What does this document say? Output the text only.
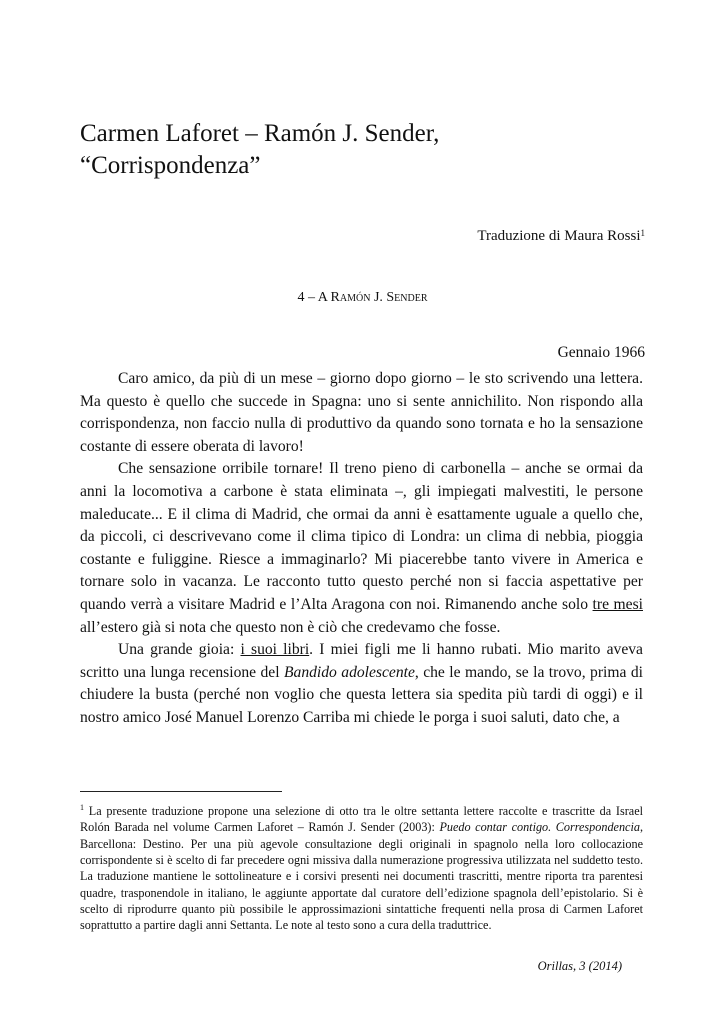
Carmen Laforet – Ramón J. Sender,
“Corrispondenza”
Traduzione di Maura Rossi$^1$
4 – A Ramón J. Sender
Gennaio 1966

Caro amico, da più di un mese – giorno dopo giorno – le sto scrivendo una lettera. Ma questo è quello che succede in Spagna: uno si sente annichilito. Non rispondo alla corrispondenza, non faccio nulla di produttivo da quando sono tornata e ho la sensazione costante di essere oberata di lavoro!

Che sensazione orribile tornare! Il treno pieno di carbonella – anche se ormai da anni la locomotiva a carbone è stata eliminata –, gli impiegati malvestiti, le persone maleducate... E il clima di Madrid, che ormai da anni è esattamente uguale a quello che, da piccoli, ci descrivevano come il clima tipico di Londra: un clima di nebbia, pioggia costante e fuliggine. Riesce a immaginarlo? Mi piacerebbe tanto vivere in America e tornare solo in vacanza. Le racconto tutto questo perché non si faccia aspettative per quando verrà a visitare Madrid e l’Alta Aragona con noi. Rimanendo anche solo tre mesi all’estero già si nota che questo non è ciò che credevamo che fosse.

Una grande gioia: i suoi libri. I miei figli me li hanno rubati. Mio marito aveva scritto una lunga recensione del Bandido adolescente, che le mando, se la trovo, prima di chiudere la busta (perché non voglio che questa lettera sia spedita più tardi di oggi) e il nostro amico José Manuel Lorenzo Carriba mi chiede le porga i suoi saluti, dato che, a

$^1$ La presente traduzione propone una selezione di otto tra le oltre settanta lettere raccolte e trascritte da Israel Rolón Barada nel volume Carmen Laforet – Ramón J. Sender (2003): Puedo contar contigo. Correspondencia, Barcellona: Destino. Per una più agevole consultazione degli originali in spagnolo nella loro collocazione corrispondente si è scelto di far precedere ogni missiva dalla numerazione progressiva utilizzata nel suddetto testo. La traduzione mantiene le sottolineature e i corsivi presenti nei documenti trascritti, mentre riporta tra parentesi quadre, trasponendole in italiano, le aggiunte apportate dal curatore dell’edizione spagnola dell’epistolario. Si è scelto di riprodurre quanto più possibile le approssimazioni sintattiche frequenti nella prosa di Carmen Laforet soprattutto a partire dagli anni Settanta. Le note al testo sono a cura della traduttrice.
Orillas, 3 (2014)
